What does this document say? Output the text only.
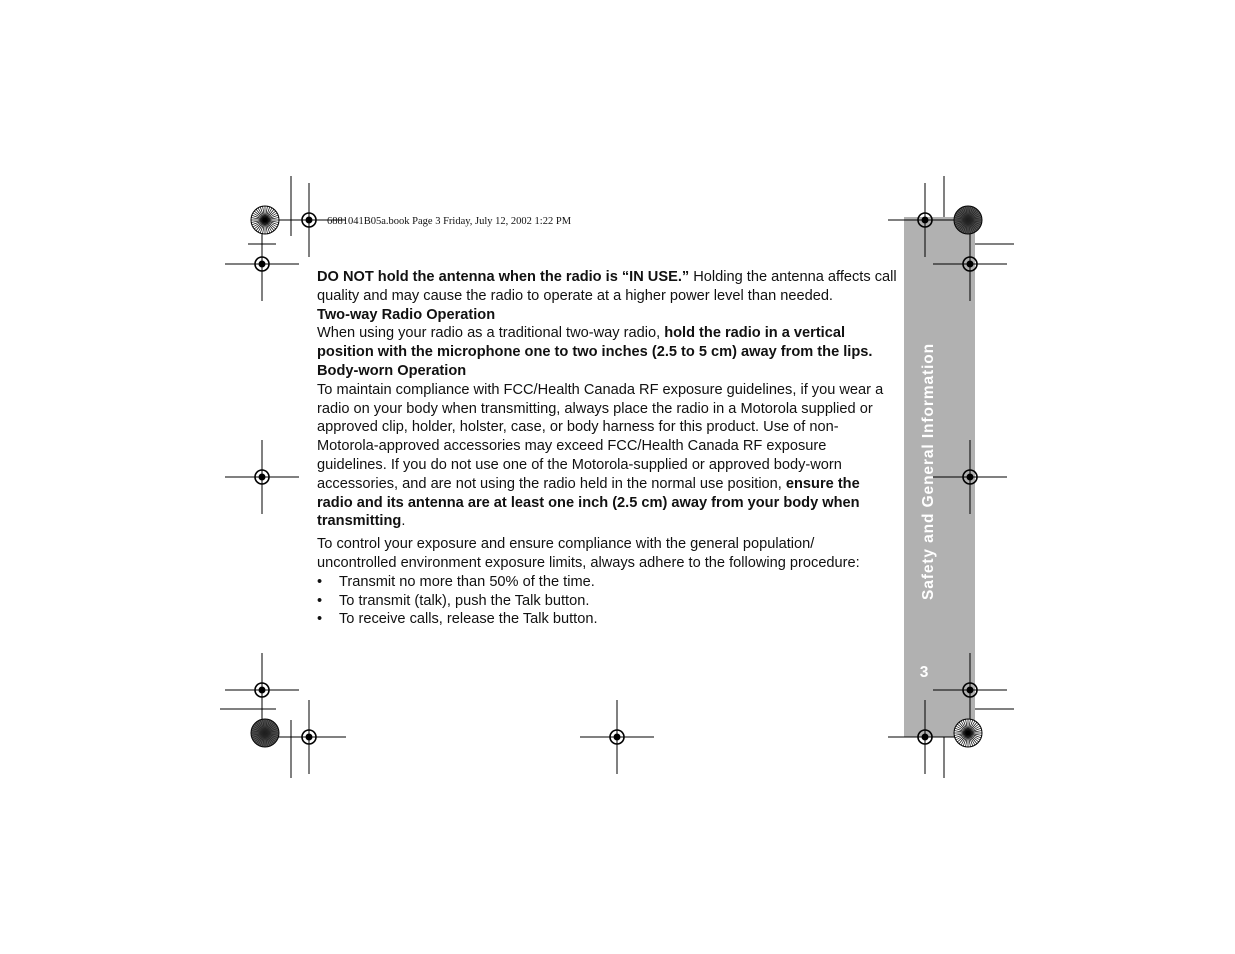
6881041B05a.book Page 3 Friday, July 12, 2002 1:22 PM
Safety and General Information
3

DO NOT hold the antenna when the radio is “IN USE.” Holding the antenna affects call quality and may cause the radio to operate at a higher power level than needed.

Two-way Radio Operation

When using your radio as a traditional two-way radio, hold the radio in a vertical position with the microphone one to two inches (2.5 to 5 cm) away from the lips.

Body-worn Operation

To maintain compliance with FCC/Health Canada RF exposure guidelines, if you wear a radio on your body when transmitting, always place the radio in a Motorola supplied or approved clip, holder, holster, case, or body harness for this product. Use of non-Motorola-approved accessories may exceed FCC/Health Canada RF exposure guidelines. If you do not use one of the Motorola-supplied or approved body-worn accessories, and are not using the radio held in the normal use position, ensure the radio and its antenna are at least one inch (2.5 cm) away from your body when transmitting.

To control your exposure and ensure compliance with the general population/ uncontrolled environment exposure limits, always adhere to the following procedure:

• Transmit no more than 50% of the time.
• To transmit (talk), push the Talk button.
• To receive calls, release the Talk button.
